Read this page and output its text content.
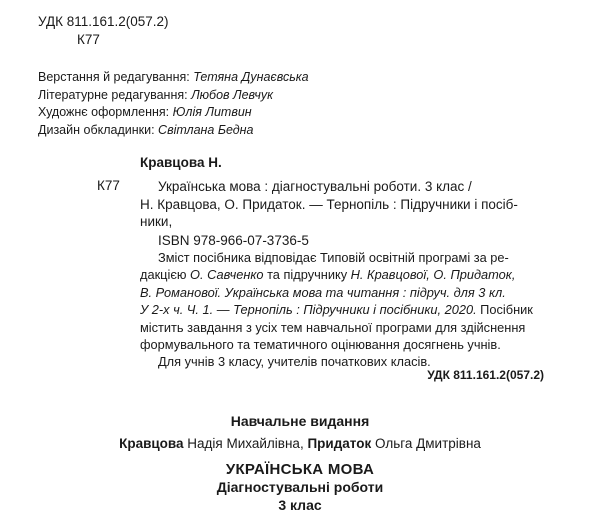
УДК 811.161.2(057.2)
К77
Верстання й редагування: Тетяна Дунаєвська
Літературне редагування: Любов Левчук
Художнє оформлення: Юлія Литвин
Дизайн обкладинки: Світлана Бедна
Кравцова Н.
К77	Українська мова : діагностувальні роботи. 3 клас /
Н. Кравцова, О. Придаток. — Тернопіль : Підручники і посіб-
ники,
ISBN 978-966-07-3736-5
Зміст посібника відповідає Типовій освітній програмі за ре-
дакцією О. Савченко та підручнику Н. Кравцової, О. Придаток,
В. Романової. Українська мова та читання : підруч. для 3 кл.
У 2-х ч. Ч. 1. — Тернопіль : Підручники і посібники, 2020. Посібник
містить завдання з усіх тем навчальної програми для здійснення
формувального та тематичного оцінювання досягнень учнів.
Для учнів 3 класу, учителів початкових класів.
УДК 811.161.2(057.2)
Навчальне видання
Кравцова Надія Михайлівна, Придаток Ольга Дмитрівна
УКРАЇНСЬКА МОВА
Діагностувальні роботи
3 клас
